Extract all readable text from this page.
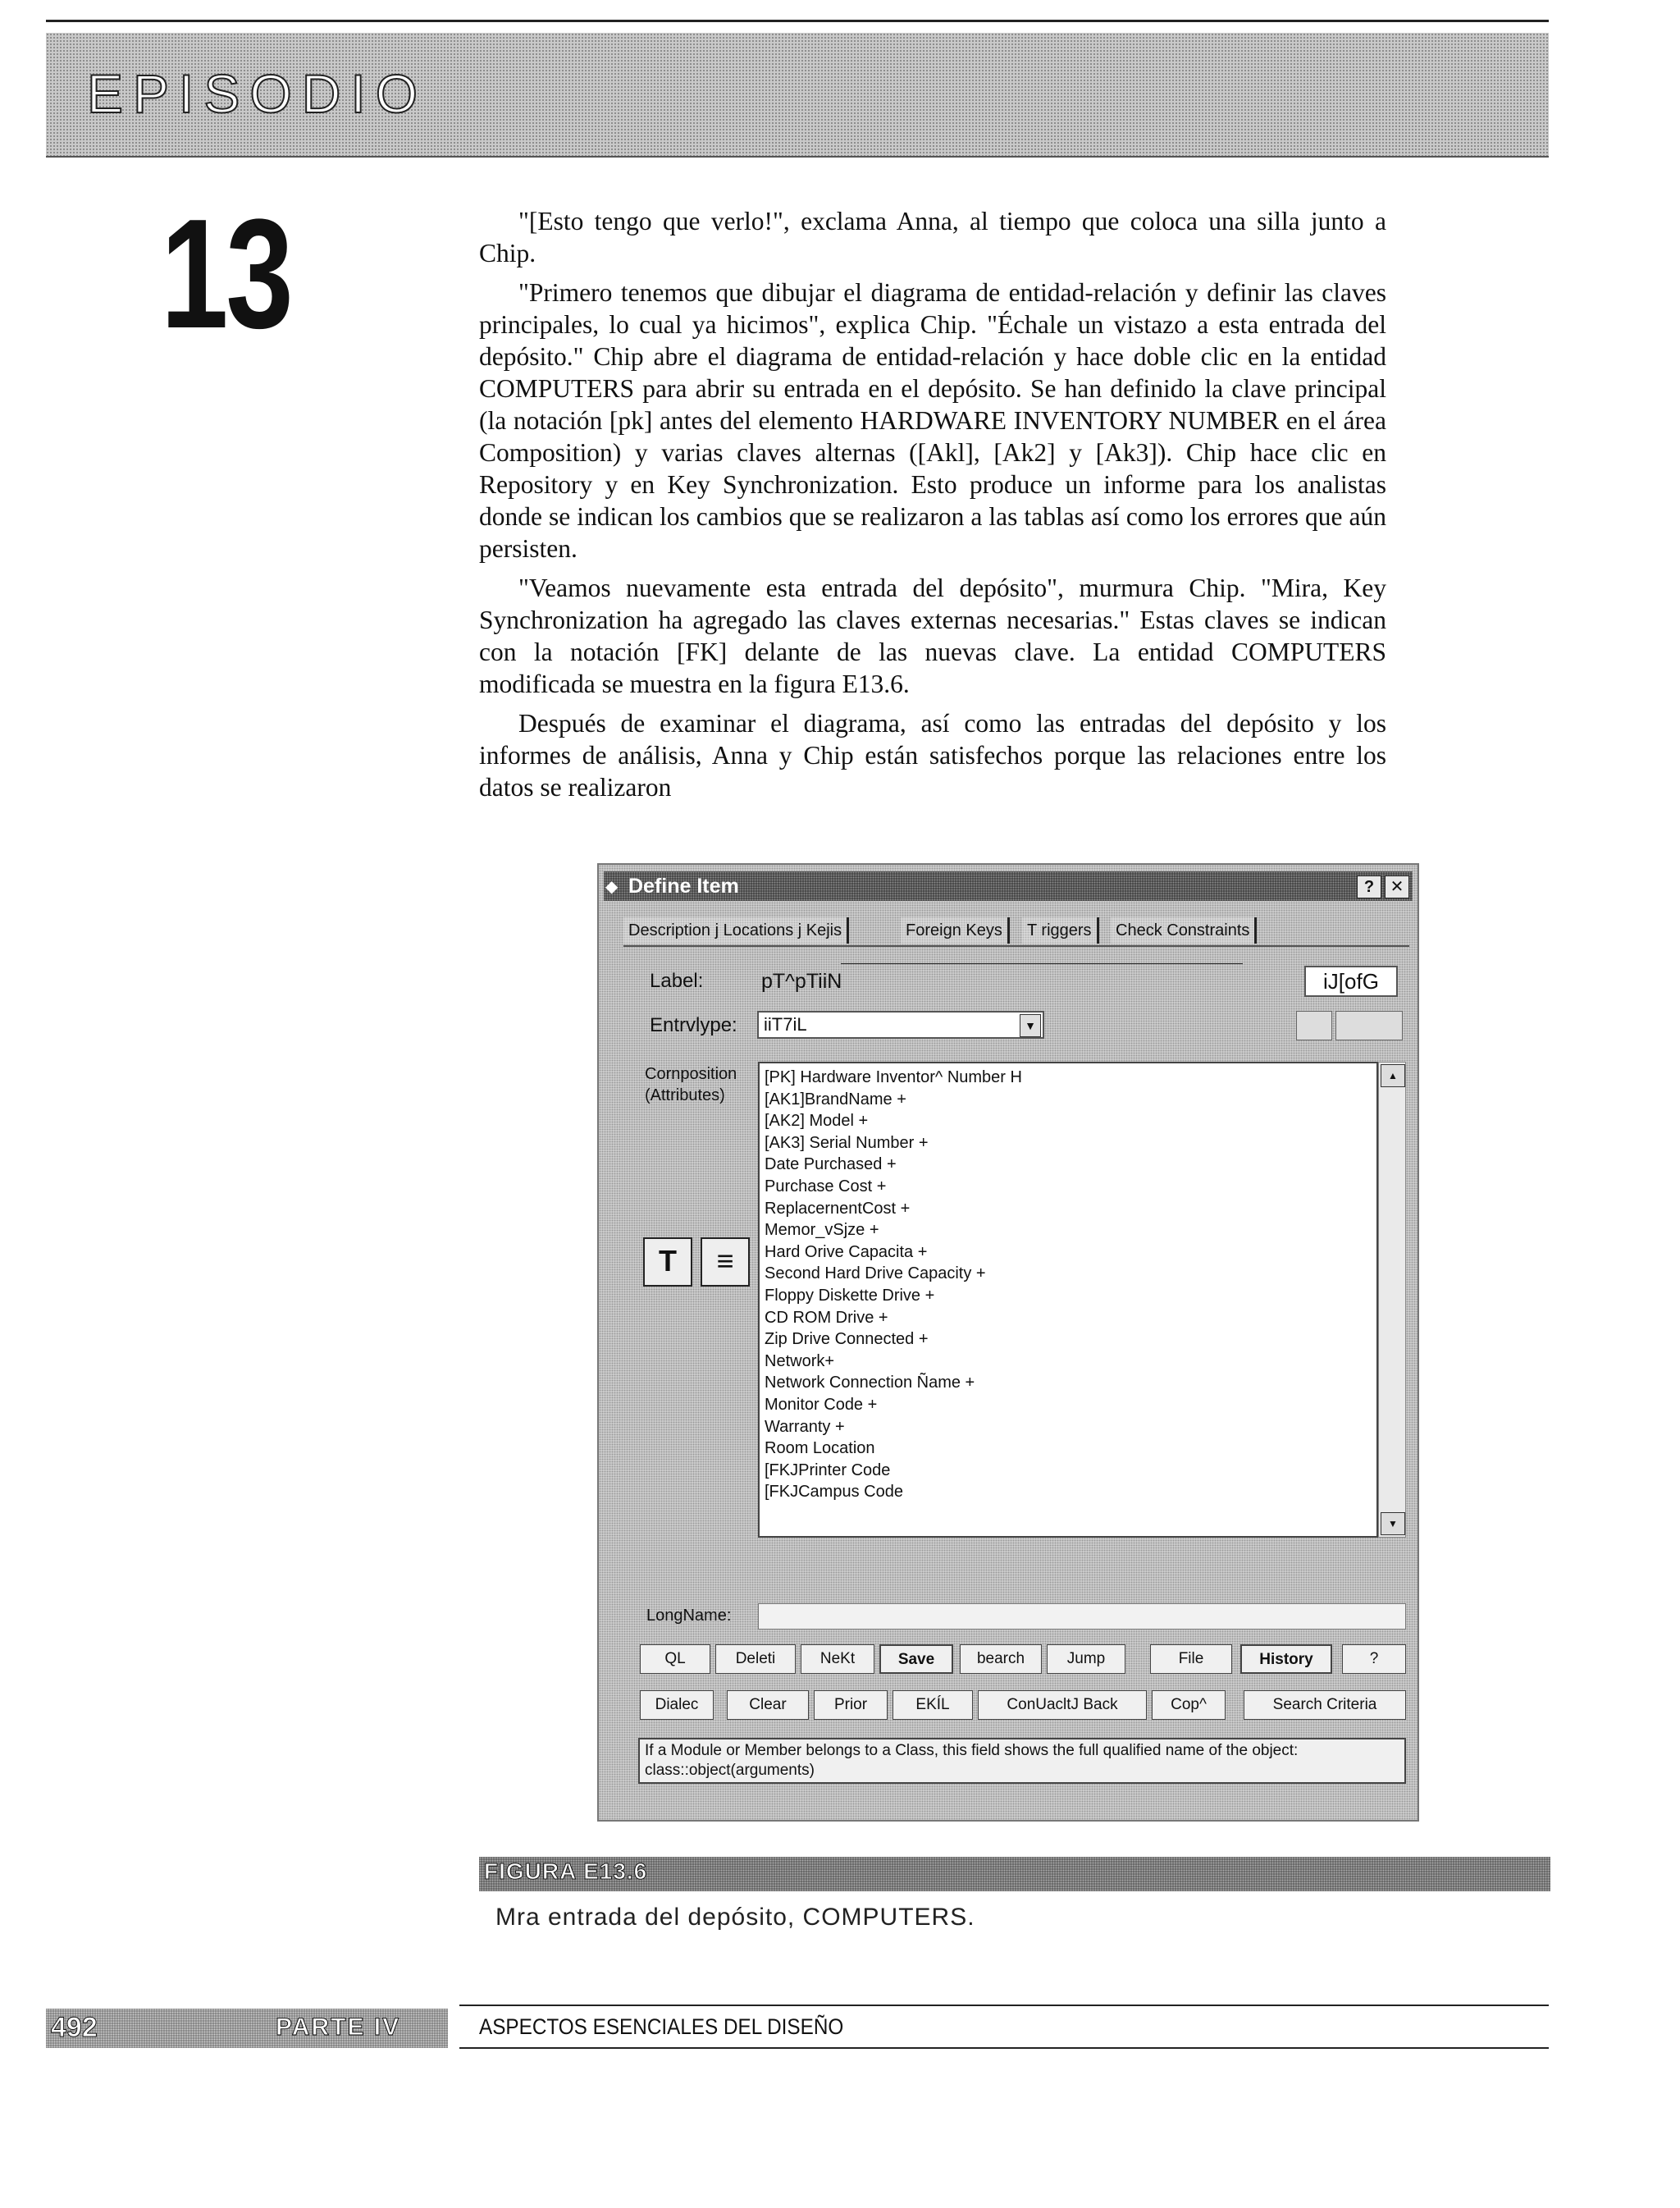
EPISODIO
13	"[Esto tengo que verlo!", exclama Anna, al tiempo que coloca una silla junto a Chip.

"Primero tenemos que dibujar el diagrama de entidad-relación y definir las claves principales, lo cual ya hicimos", explica Chip. "Échale un vistazo a esta entrada del depósito." Chip abre el diagrama de entidad-relación y hace doble clic en la entidad COMPUTERS para abrir su entrada en el depósito. Se han definido la clave principal (la notación [pk] antes del elemento HARDWARE INVENTORY NUMBER en el área Composition) y varias claves alternas ([Akl], [Ak2] y [Ak3]). Chip hace clic en Repository y en Key Synchronization. Esto produce un informe para los analistas donde se indican los cambios que se realizaron a las tablas así como los errores que aún persisten.

"Veamos nuevamente esta entrada del depósito", murmura Chip. "Mira, Key Synchronization ha agregado las claves externas necesarias." Estas claves se indican con la notación [FK] delante de las nuevas clave. La entidad COMPUTERS modificada se muestra en la figura E13.6.

Después de examinar el diagrama, así como las entradas del depósito y los informes de análisis, Anna y Chip están satisfechos porque las relaciones entre los datos se realizaron

◆ Define Item	? ✕
Description j Locations j Kejis	Foreign Keys	T riggers	Check Constraints
Label:	pT^pTiiN	iJ[ofG
Entrvlype:	iiT7iL	▼
Cornposition
(Attributes)
T	≡
[PK] Hardware Inventor^ Number H
[AK1]BrandName +
[AK2] Model +
[AK3] Serial Number +
Date Purchased +
Purchase Cost +
ReplacernentCost +
Memor_vSjze +
Hard Orive Capacita +
Second Hard Drive Capacity +
Floppy Diskette Drive +
CD ROM Drive +
Zip Drive Connected +
Network+
Network Connection Ñame +
Monitor Code +
Warranty +
Room Location
[FKJPrinter Code
[FKJCampus Code
▲
▼
LongName:
QL	Deleti	NeKt	Save	bearch	Jump	File	History	?
Dialec	Clear	Prior	EKÍL	ConUacltJ Back	Cop^	Search Criteria
If a Module or Member belongs to a Class, this field shows the full qualified name of the object: class::object(arguments)
FIGURA E13.6
Mra entrada del depósito, COMPUTERS.
492	PARTE IV	ASPECTOS ESENCIALES DEL DISEÑO
